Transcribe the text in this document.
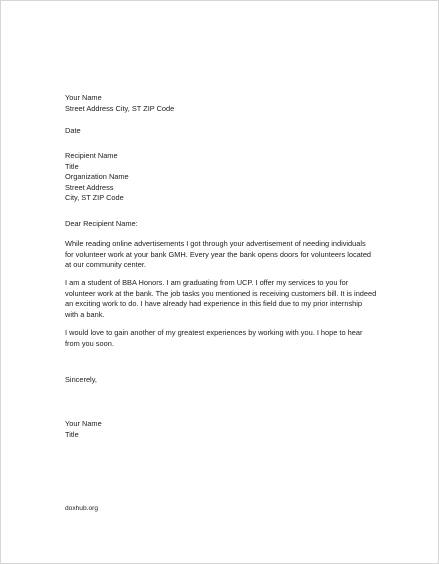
Your Name
Street Address City, ST ZIP Code
Date
Recipient Name
Title
Organization Name
Street Address
City, ST ZIP Code
Dear Recipient Name:
While reading online advertisements I got through your advertisement of needing individuals
for volunteer work at your bank GMH. Every year the bank opens doors for volunteers located
at our community center.
I am a student of BBA Honors. I am graduating from UCP. I offer my services to you for
volunteer work at the bank. The job tasks you mentioned is receiving customers bill. It is indeed
an exciting work to do. I have already had experience in this field due to my prior internship
with a bank.
I would love to gain another of my greatest experiences by working with you. I hope to hear
from you soon.
Sincerely,
Your Name
Title
doxhub.org
